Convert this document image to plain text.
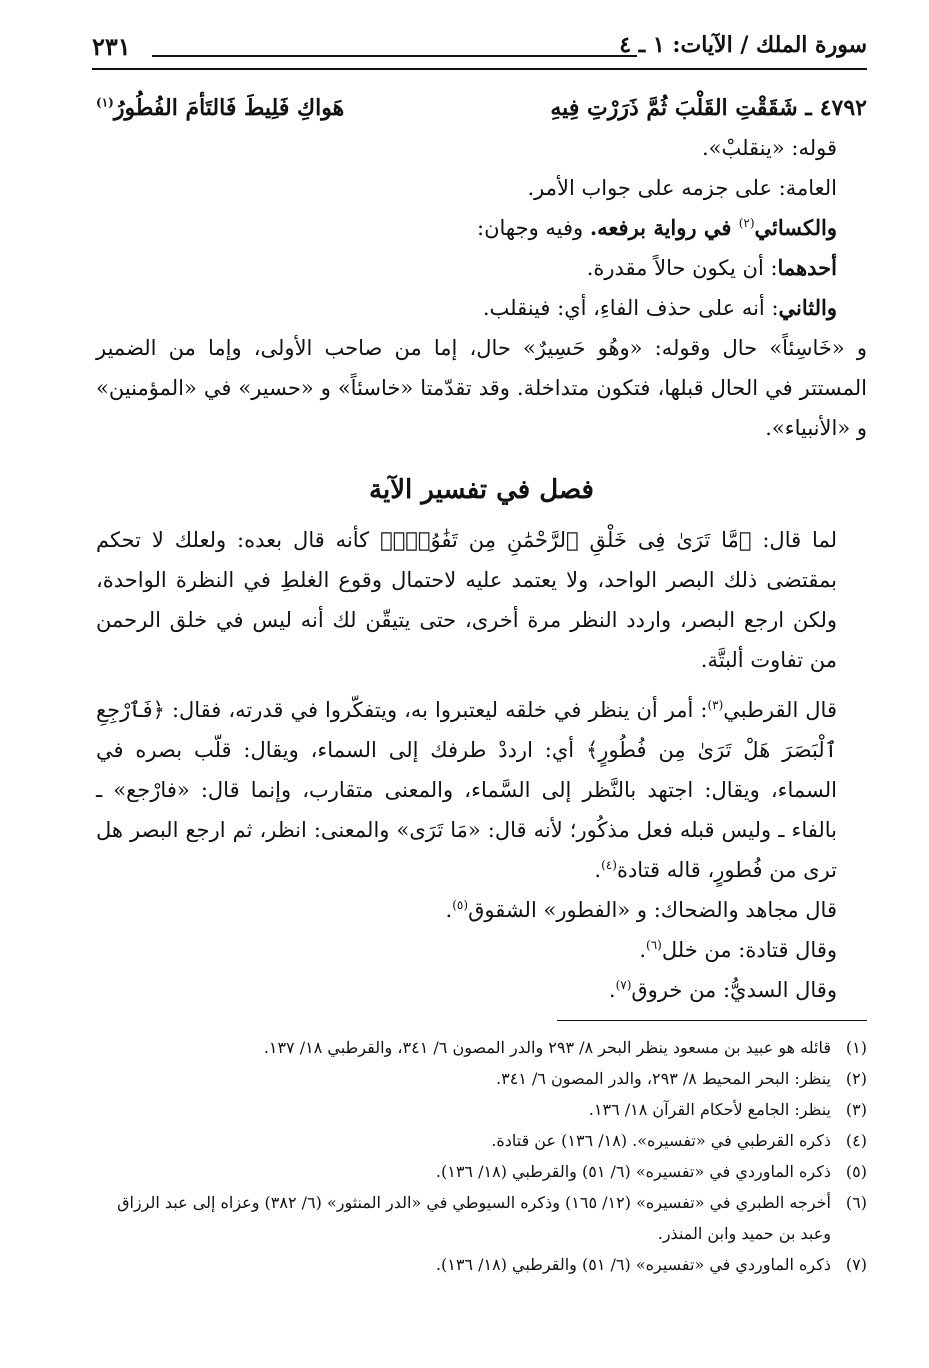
سورة الملك / الآيات: ١ ـ ٤
٢٣١

٤٧٩٢ـ شَقَقْتِ القَلْبَ ثُمَّ ذَرَرْتِ فِيهِ
هَواكِ فَلِيطَ فَالتَأمَ الفُطُورُ$^{(١)}$

قوله: «ينقلبْ».

العامة: على جزمه على جواب الأمر.

والكسائي$^{(٢)}$ في رواية برفعه. وفيه وجهان:

أحدهما: أن يكون حالاً مقدرة.

والثاني: أنه على حذف الفاءِ، أي: فينقلب.

و «خَاسِئاً» حال وقوله: «وهُو حَسِيرٌ» حال، إما من صاحب الأولى، وإما من الضمير المستتر في الحال قبلها، فتكون متداخلة. وقد تقدّمتا «خاسئاً» و «حسير» في «المؤمنين» و «الأنبياء».

فصل في تفسير الآية

لما قال: ﴿مَّا تَرَىٰ فِى خَلْقِ ٱلرَّحْمَٰنِ مِن تَفَٰوُتٍۖ﴾ كأنه قال بعده: ولعلك لا تحكم بمقتضى ذلك البصر الواحد، ولا يعتمد عليه لاحتمال وقوع الغلطِ في النظرة الواحدة، ولكن ارجع البصر، واردد النظر مرة أخرى، حتى يتيقّن لك أنه ليس في خلق الرحمن من تفاوت ألبتَّة.

قال القرطبي$^{(٣)}$: أمر أن ينظر في خلقه ليعتبروا به، ويتفكّروا في قدرته، فقال: ﴿فَٱرْجِعِ ٱلْبَصَرَ هَلْ تَرَىٰ مِن فُطُورٍ﴾ أي: ارددْ طرفك إلى السماء، ويقال: قلّب بصره في السماء، ويقال: اجتهد بالنَّظر إلى السَّماء، والمعنى متقارب، وإنما قال: «فارْجع» ـ بالفاء ـ وليس قبله فعل مذكُور؛ لأنه قال: «مَا تَرَى» والمعنى: انظر، ثم ارجع البصر هل ترى من فُطورٍ، قاله قتادة$^{(٤)}$.

قال مجاهد والضحاك: و «الفطور» الشقوق$^{(٥)}$.

وقال قتادة: من خلل$^{(٦)}$.

وقال السديُّ: من خروق$^{(٧)}$.

(١)
قائله هو عبيد بن مسعود ينظر البحر ٨/ ٢٩٣ والدر المصون ٦/ ٣٤١، والقرطبي ١٨/ ١٣٧.
(٢)
ينظر: البحر المحيط ٨/ ٢٩٣، والدر المصون ٦/ ٣٤١.
(٣)
ينظر: الجامع لأحكام القرآن ١٨/ ١٣٦.
(٤)
ذكره القرطبي في «تفسيره». (١٨/ ١٣٦) عن قتادة.
(٥)
ذكره الماوردي في «تفسيره» (٦/ ٥١) والقرطبي (١٨/ ١٣٦).
(٦)
أخرجه الطبري في «تفسيره» (١٢/ ١٦٥) وذكره السيوطي في «الدر المنثور» (٦/ ٣٨٢) وعزاه إلى عبد الرزاق وعبد بن حميد وابن المنذر.
(٧)
ذكره الماوردي في «تفسيره» (٦/ ٥١) والقرطبي (١٨/ ١٣٦).
